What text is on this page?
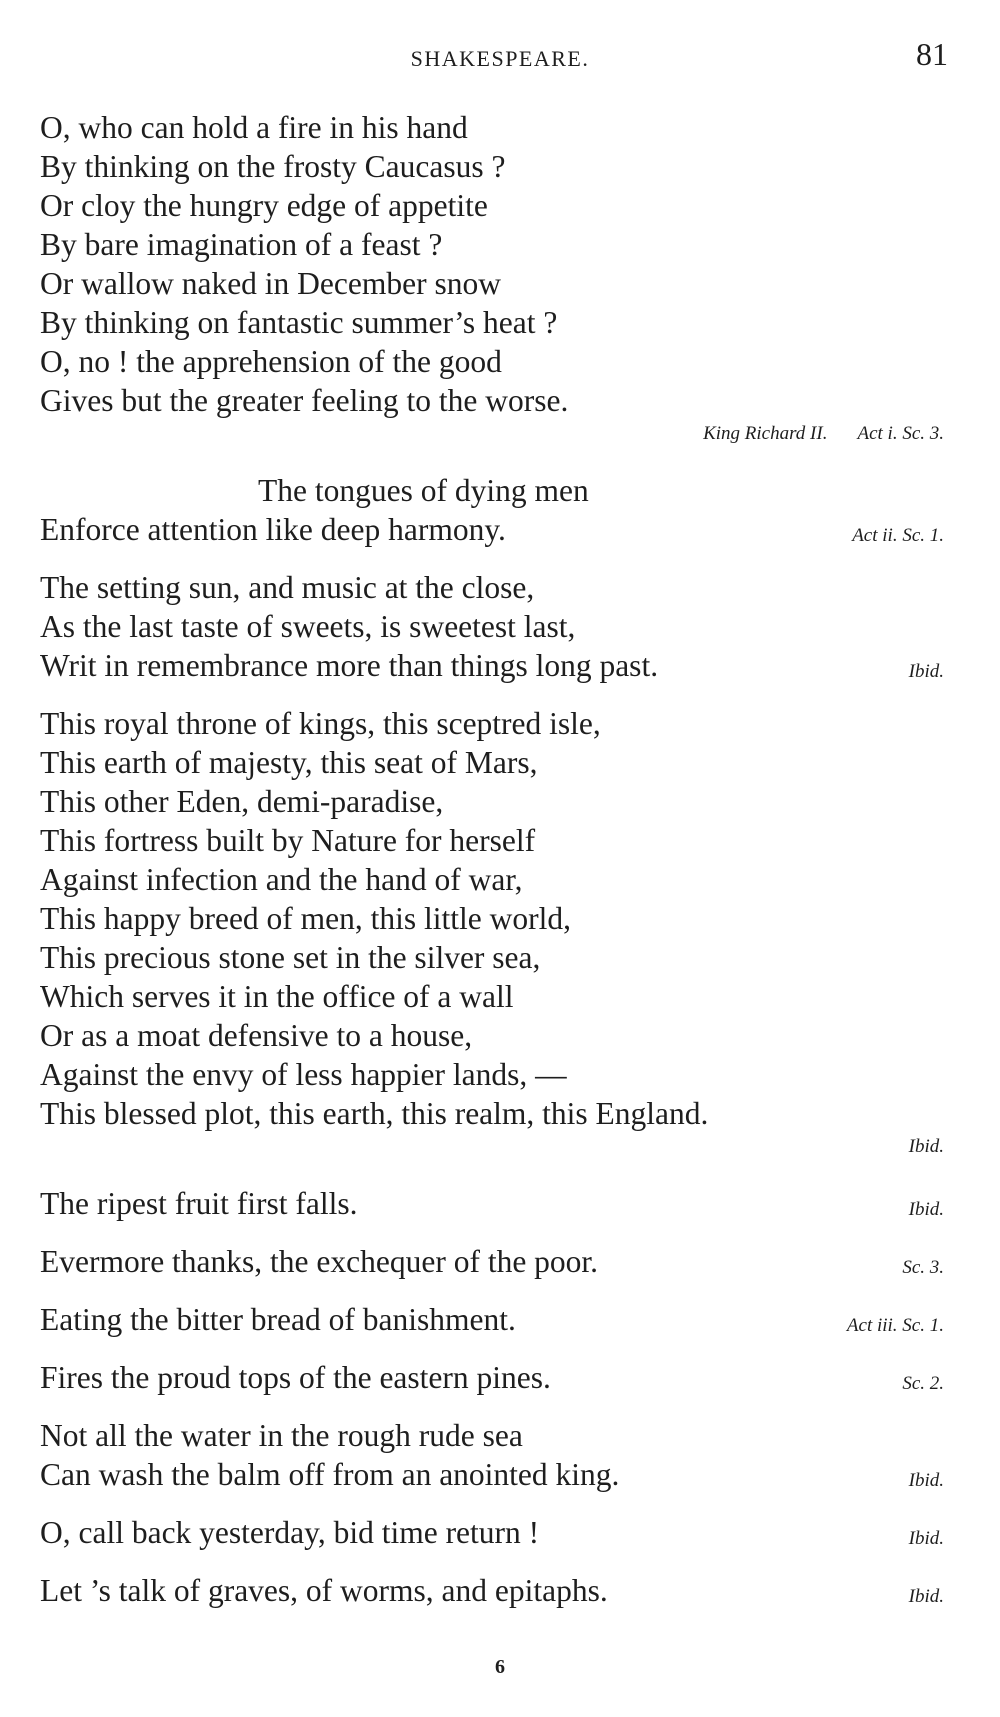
SHAKESPEARE.	81
O, who can hold a fire in his hand
By thinking on the frosty Caucasus ?
Or cloy the hungry edge of appetite
By bare imagination of a feast ?
Or wallow naked in December snow
By thinking on fantastic summer’s heat ?
O, no ! the apprehension of the good
Gives but the greater feeling to the worse.
King Richard II. Act i. Sc. 3.
The tongues of dying men
Enforce attention like deep harmony.	Act ii. Sc. 1.
The setting sun, and music at the close,
As the last taste of sweets, is sweetest last,
Writ in remembrance more than things long past.	Ibid.
This royal throne of kings, this sceptred isle,
This earth of majesty, this seat of Mars,
This other Eden, demi-paradise,
This fortress built by Nature for herself
Against infection and the hand of war,
This happy breed of men, this little world,
This precious stone set in the silver sea,
Which serves it in the office of a wall
Or as a moat defensive to a house,
Against the envy of less happier lands, —
This blessed plot, this earth, this realm, this England.
Ibid.
The ripest fruit first falls.	Ibid.
Evermore thanks, the exchequer of the poor.	Sc. 3.
Eating the bitter bread of banishment.	Act iii. Sc. 1.
Fires the proud tops of the eastern pines.	Sc. 2.
Not all the water in the rough rude sea
Can wash the balm off from an anointed king.	Ibid.
O, call back yesterday, bid time return !	Ibid.
Let ’s talk of graves, of worms, and epitaphs.	Ibid.
6
